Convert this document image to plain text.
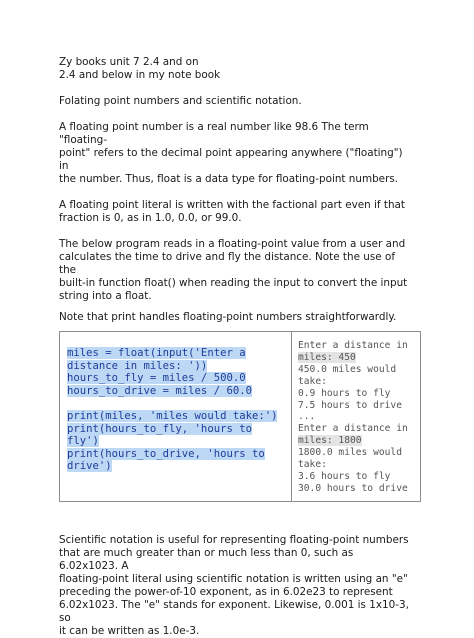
Zy books unit 7 2.4 and on

2.4 and below in my note book

Folating point numbers and scientific notation.

A floating point number is a real number like 98.6 The term "floating-

point" refers to the decimal point appearing anywhere ("floating") in

the number. Thus, float is a data type for floating-point numbers.

A floating point literal is written with the factional part even if that

fraction is 0, as in 1.0, 0.0, or 99.0.

The below program reads in a floating-point value from a user and

calculates the time to drive and fly the distance. Note the use of the

built-in function float() when reading the input to convert the input

string into a float.

Note that print handles floating-point numbers straightforwardly.

miles = float(input('Enter a
distance in miles: '))
hours_to_fly = miles / 500.0
hours_to_drive = miles / 60.0
print(miles, 'miles would take:')
print(hours_to_fly, 'hours to
fly')
print(hours_to_drive, 'hours to
drive')
Enter a distance in
miles: 450
450.0 miles would
take:
0.9 hours to fly
7.5 hours to drive
...
Enter a distance in
miles: 1800
1800.0 miles would
take:
3.6 hours to fly
30.0 hours to drive

Scientific notation is useful for representing floating-point numbers

that are much greater than or much less than 0, such as 6.02x1023. A

floating-point literal using scientific notation is written using an "e"

preceding the power-of-10 exponent, as in 6.02e23 to represent

6.02x1023. The "e" stands for exponent. Likewise, 0.001 is 1x10-3, so

it can be written as 1.0e-3.
